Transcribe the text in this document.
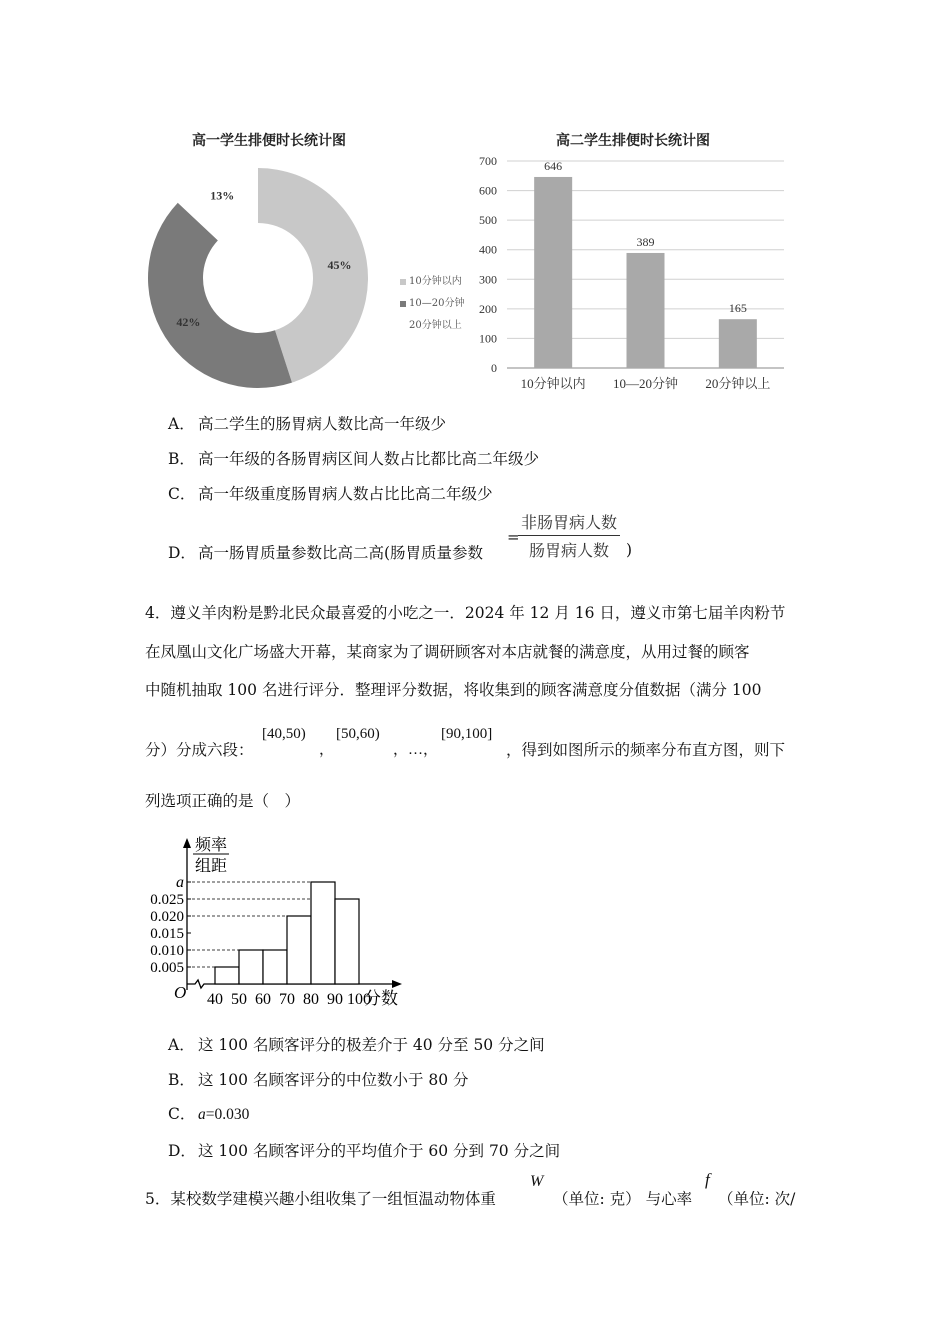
高一学生排便时长统计图
45%
42%
13%
10分钟以内
10—20分钟
20分钟以上
高二学生排便时长统计图
0
100
200
300
400
500
600
700	646
10分钟以内
389
10—20分钟
165
20分钟以上
A． 高二学生的肠胃病人数比高一年级少
B． 高一年级的各肠胃病区间人数占比都比高二年级少
C． 高一年级重度肠胃病人数占比比高二年级少
D． 高一肠胃质量参数比高二高(肠胃质量参数
=
非肠胃病人数
肠胃病人数	)
4．遵义羊肉粉是黔北民众最喜爱的小吃之一．2024 年 12 月 16 日，遵义市第七届羊肉粉节
在凤凰山文化广场盛大开幕，某商家为了调研顾客对本店就餐的满意度，从用过餐的顾客
中随机抽取 100 名进行评分．整理评分数据，将收集到的顾客满意度分值数据（满分 100
分）分成六段：
[40,50)
，
[50,60)
，…，
[90,100]
，得到如图所示的频率分布直方图，则下
列选项正确的是（　）
0.005
0.010
0.015
0.020
0.025
a
40 50 60 70 80 90 100
分数
O
频率
组距
A． 这 100 名顾客评分的极差介于 40 分至 50 分之间
B． 这 100 名顾客评分的中位数小于 80 分
C． a=0.030
D． 这 100 名顾客评分的平均值介于 60 分到 70 分之间
5．某校数学建模兴趣小组收集了一组恒温动物体重
W
（单位: 克） 与心率
f
（单位: 次/
